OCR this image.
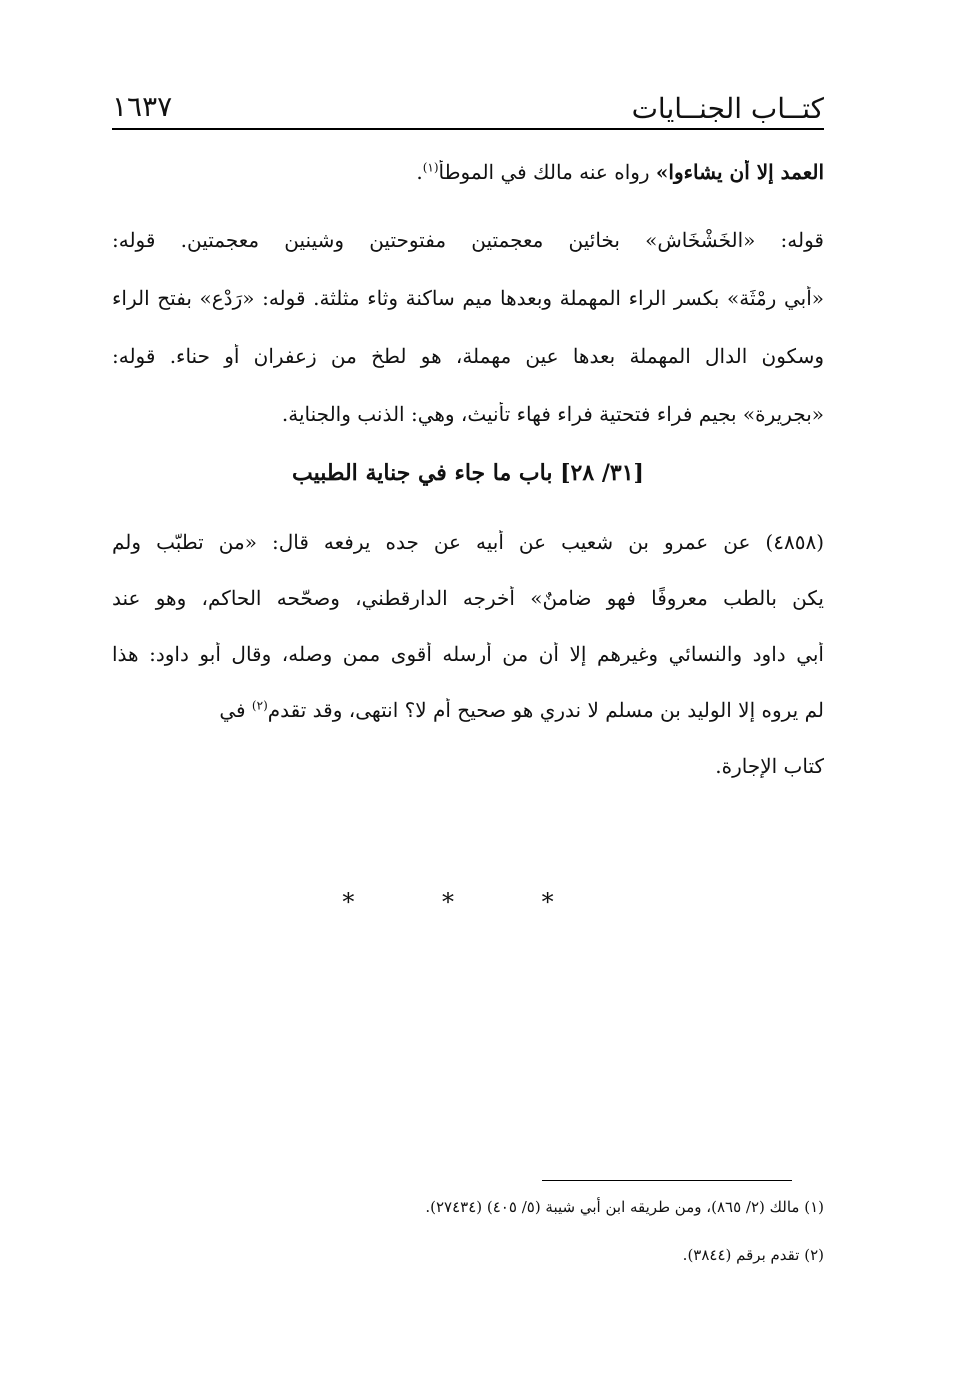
كتــاب الجنــايات
١٦٣٧
العمد إلا أن يشاءوا» رواه عنه مالك في الموطأ$^{(١)}$.
قوله: «الخَشْخَاش» بخائين معجمتين مفتوحتين وشينين معجمتين. قوله:
«أبي رِمْثَة» بكسر الراء المهملة وبعدها ميم ساكنة وثاء مثلثة. قوله: «رَدْع» بفتح الراء
وسكون الدال المهملة بعدها عين مهملة، هو لطخ من زعفران أو حناء. قوله:
«بجريرة» بجيم فراء فتحتية فراء فهاء تأنيث، وهي: الذنب والجناية.
[٣١/ ٢٨] باب ما جاء في جناية الطبيب
(٤٨٥٨) عن عمرو بن شعيب عن أبيه عن جده يرفعه قال: «من تطبّب ولم
يكن بالطب معروفًا فهو ضامنٌ» أخرجه الدارقطني، وصحّحه الحاكم، وهو عند
أبي داود والنسائي وغيرهم إلا أن من أرسله أقوى ممن وصله، وقال أبو داود: هذا
لم يروه إلا الوليد بن مسلم لا ندري هو صحيح أم لا؟ انتهى، وقد تقدم$^{(٢)}$ في
كتاب الإجارة.
* * *
(١) مالك (٢/ ٨٦٥)، ومن طريقه ابن أبي شيبة (٥/ ٤٠٥) (٢٧٤٣٤).
(٢) تقدم برقم (٣٨٤٤).
